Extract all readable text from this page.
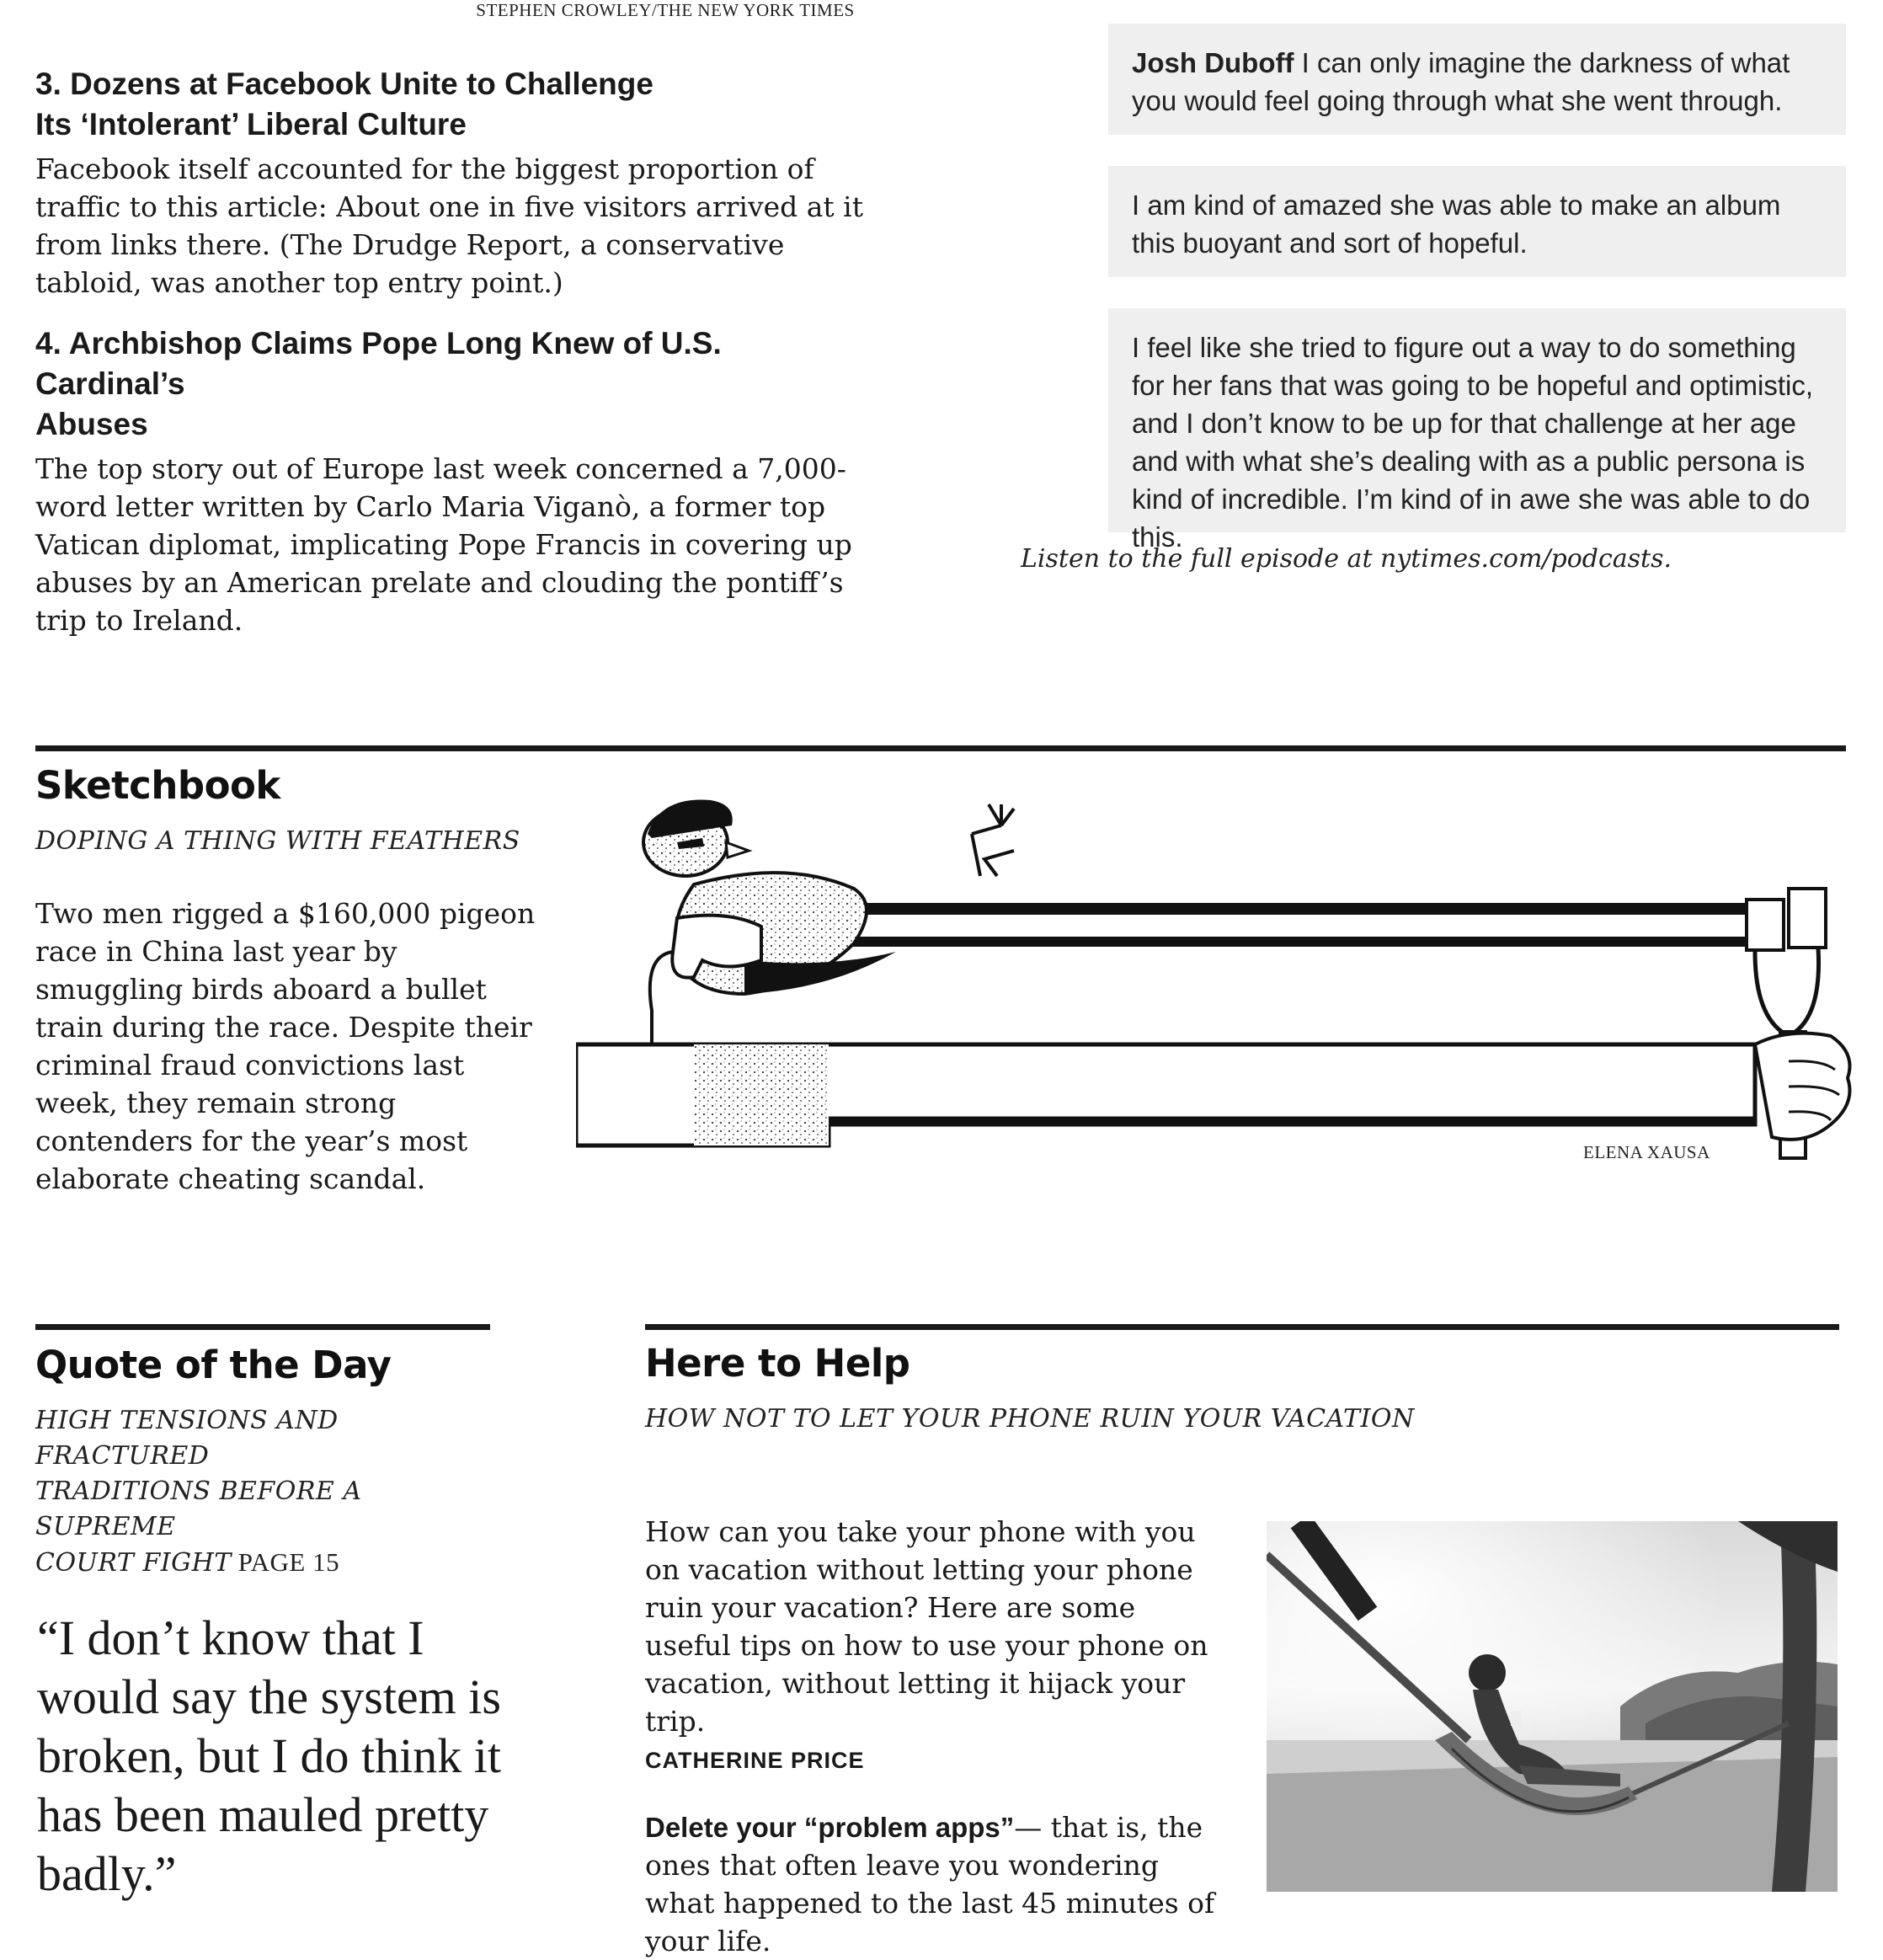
STEPHEN CROWLEY/THE NEW YORK TIMES
3. Dozens at Facebook Unite to Challenge
Its ‘Intolerant’ Liberal Culture

Facebook itself accounted for the biggest proportion of traffic to this article: About one in five visitors arrived at it from links there. (The Drudge Report, a conservative tabloid, was another top entry point.)

4. Archbishop Claims Pope Long Knew of U.S. Cardinal’s
Abuses

The top story out of Europe last week concerned a 7,000-word letter written by Carlo Maria Viganò, a former top Vatican diplomat, implicating Pope Francis in covering up abuses by an American prelate and clouding the pontiff’s trip to Ireland.

Josh Duboff I can only imagine the darkness of what you would feel going through what she went through.
I am kind of amazed she was able to make an album this buoyant and sort of hopeful.
I feel like she tried to figure out a way to do something for her fans that was going to be hopeful and optimistic, and I don’t know to be up for that challenge at her age and with what she’s dealing with as a public persona is kind of incredible. I’m kind of in awe she was able to do this.
Listen to the full episode at nytimes.com/podcasts.
Sketchbook
DOPING A THING WITH FEATHERS
Two men rigged a $160,000 pigeon race in China last year by smuggling birds aboard a bullet train during the race. Despite their criminal fraud convictions last week, they remain strong contenders for the year’s most elaborate cheating scandal.
ELENA XAUSA
Quote of the Day
HIGH TENSIONS AND FRACTURED
TRADITIONS BEFORE A SUPREME
COURT FIGHT PAGE 15
“I don’t know that I would say the system is broken, but I do think it has been mauled pretty badly.”
Here to Help
HOW NOT TO LET YOUR PHONE RUIN YOUR VACATION
How can you take your phone with you on vacation without letting your phone ruin your vacation? Here are some useful tips on how to use your phone on vacation, without letting it hijack your trip.
CATHERINE PRICE
Delete your “problem apps”— that is, the ones that often leave you wondering what happened to the last 45 minutes of your life.
